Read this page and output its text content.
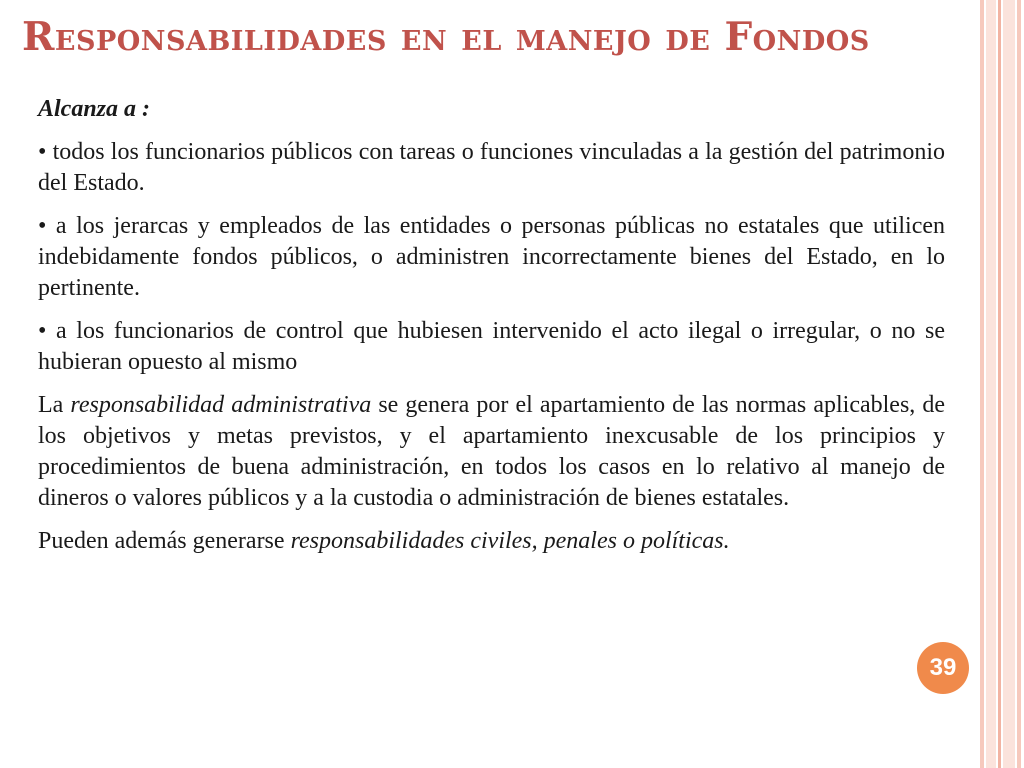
Responsabilidades en el manejo de Fondos

Alcanza a :

• todos los funcionarios públicos con tareas o funciones vinculadas a la gestión del patrimonio del Estado.

• a los jerarcas y empleados de las entidades o personas públicas no estatales que utilicen indebidamente fondos públicos, o administren incorrectamente bienes del Estado, en lo pertinente.

• a los funcionarios de control que hubiesen intervenido el acto ilegal o irregular, o no se hubieran opuesto al mismo

La responsabilidad administrativa se genera por el apartamiento de las normas aplicables, de los objetivos y metas previstos, y el apartamiento inexcusable de los principios y procedimientos de buena administración, en todos los casos en lo relativo al manejo de dineros o valores públicos y a la custodia o administración de bienes estatales.

Pueden además generarse responsabilidades civiles, penales o políticas.

39
